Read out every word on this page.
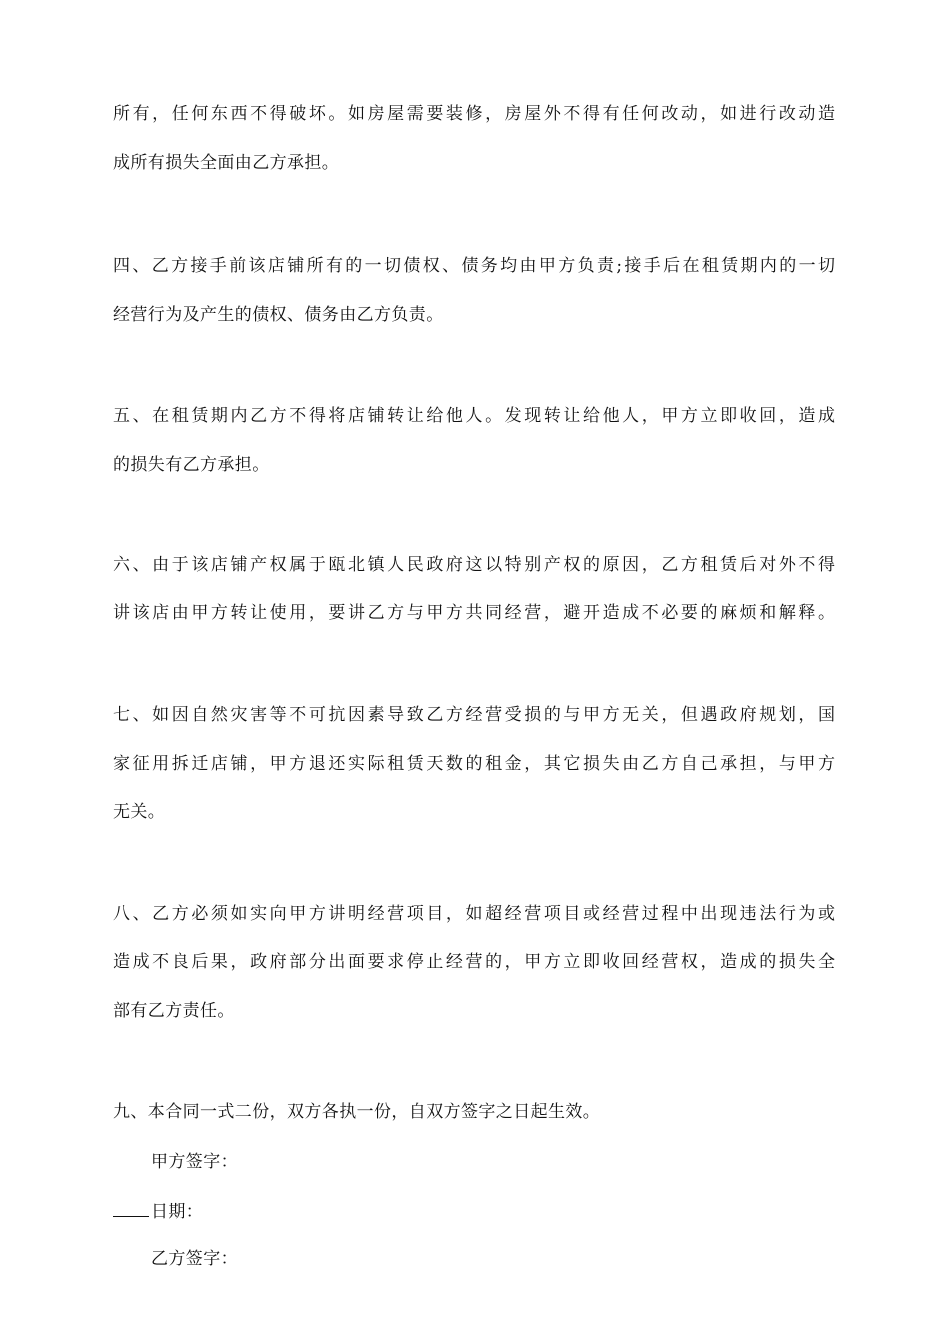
所有，任何东西不得破坏。如房屋需要装修，房屋外不得有任何改动，如进行改动造
成所有损失全面由乙方承担。
四、乙方接手前该店铺所有的一切债权、债务均由甲方负责;接手后在租赁期内的一切
经营行为及产生的债权、债务由乙方负责。
五、在租赁期内乙方不得将店铺转让给他人。发现转让给他人，甲方立即收回，造成
的损失有乙方承担。
六、由于该店铺产权属于瓯北镇人民政府这以特别产权的原因，乙方租赁后对外不得
讲该店由甲方转让使用，要讲乙方与甲方共同经营，避开造成不必要的麻烦和解释。
七、如因自然灾害等不可抗因素导致乙方经营受损的与甲方无关，但遇政府规划，国
家征用拆迁店铺，甲方退还实际租赁天数的租金，其它损失由乙方自己承担，与甲方
无关。
八、乙方必须如实向甲方讲明经营项目，如超经营项目或经营过程中出现违法行为或
造成不良后果，政府部分出面要求停止经营的，甲方立即收回经营权，造成的损失全
部有乙方责任。
九、本合同一式二份，双方各执一份，自双方签字之日起生效。
甲方签字：
日期：
乙方签字：
